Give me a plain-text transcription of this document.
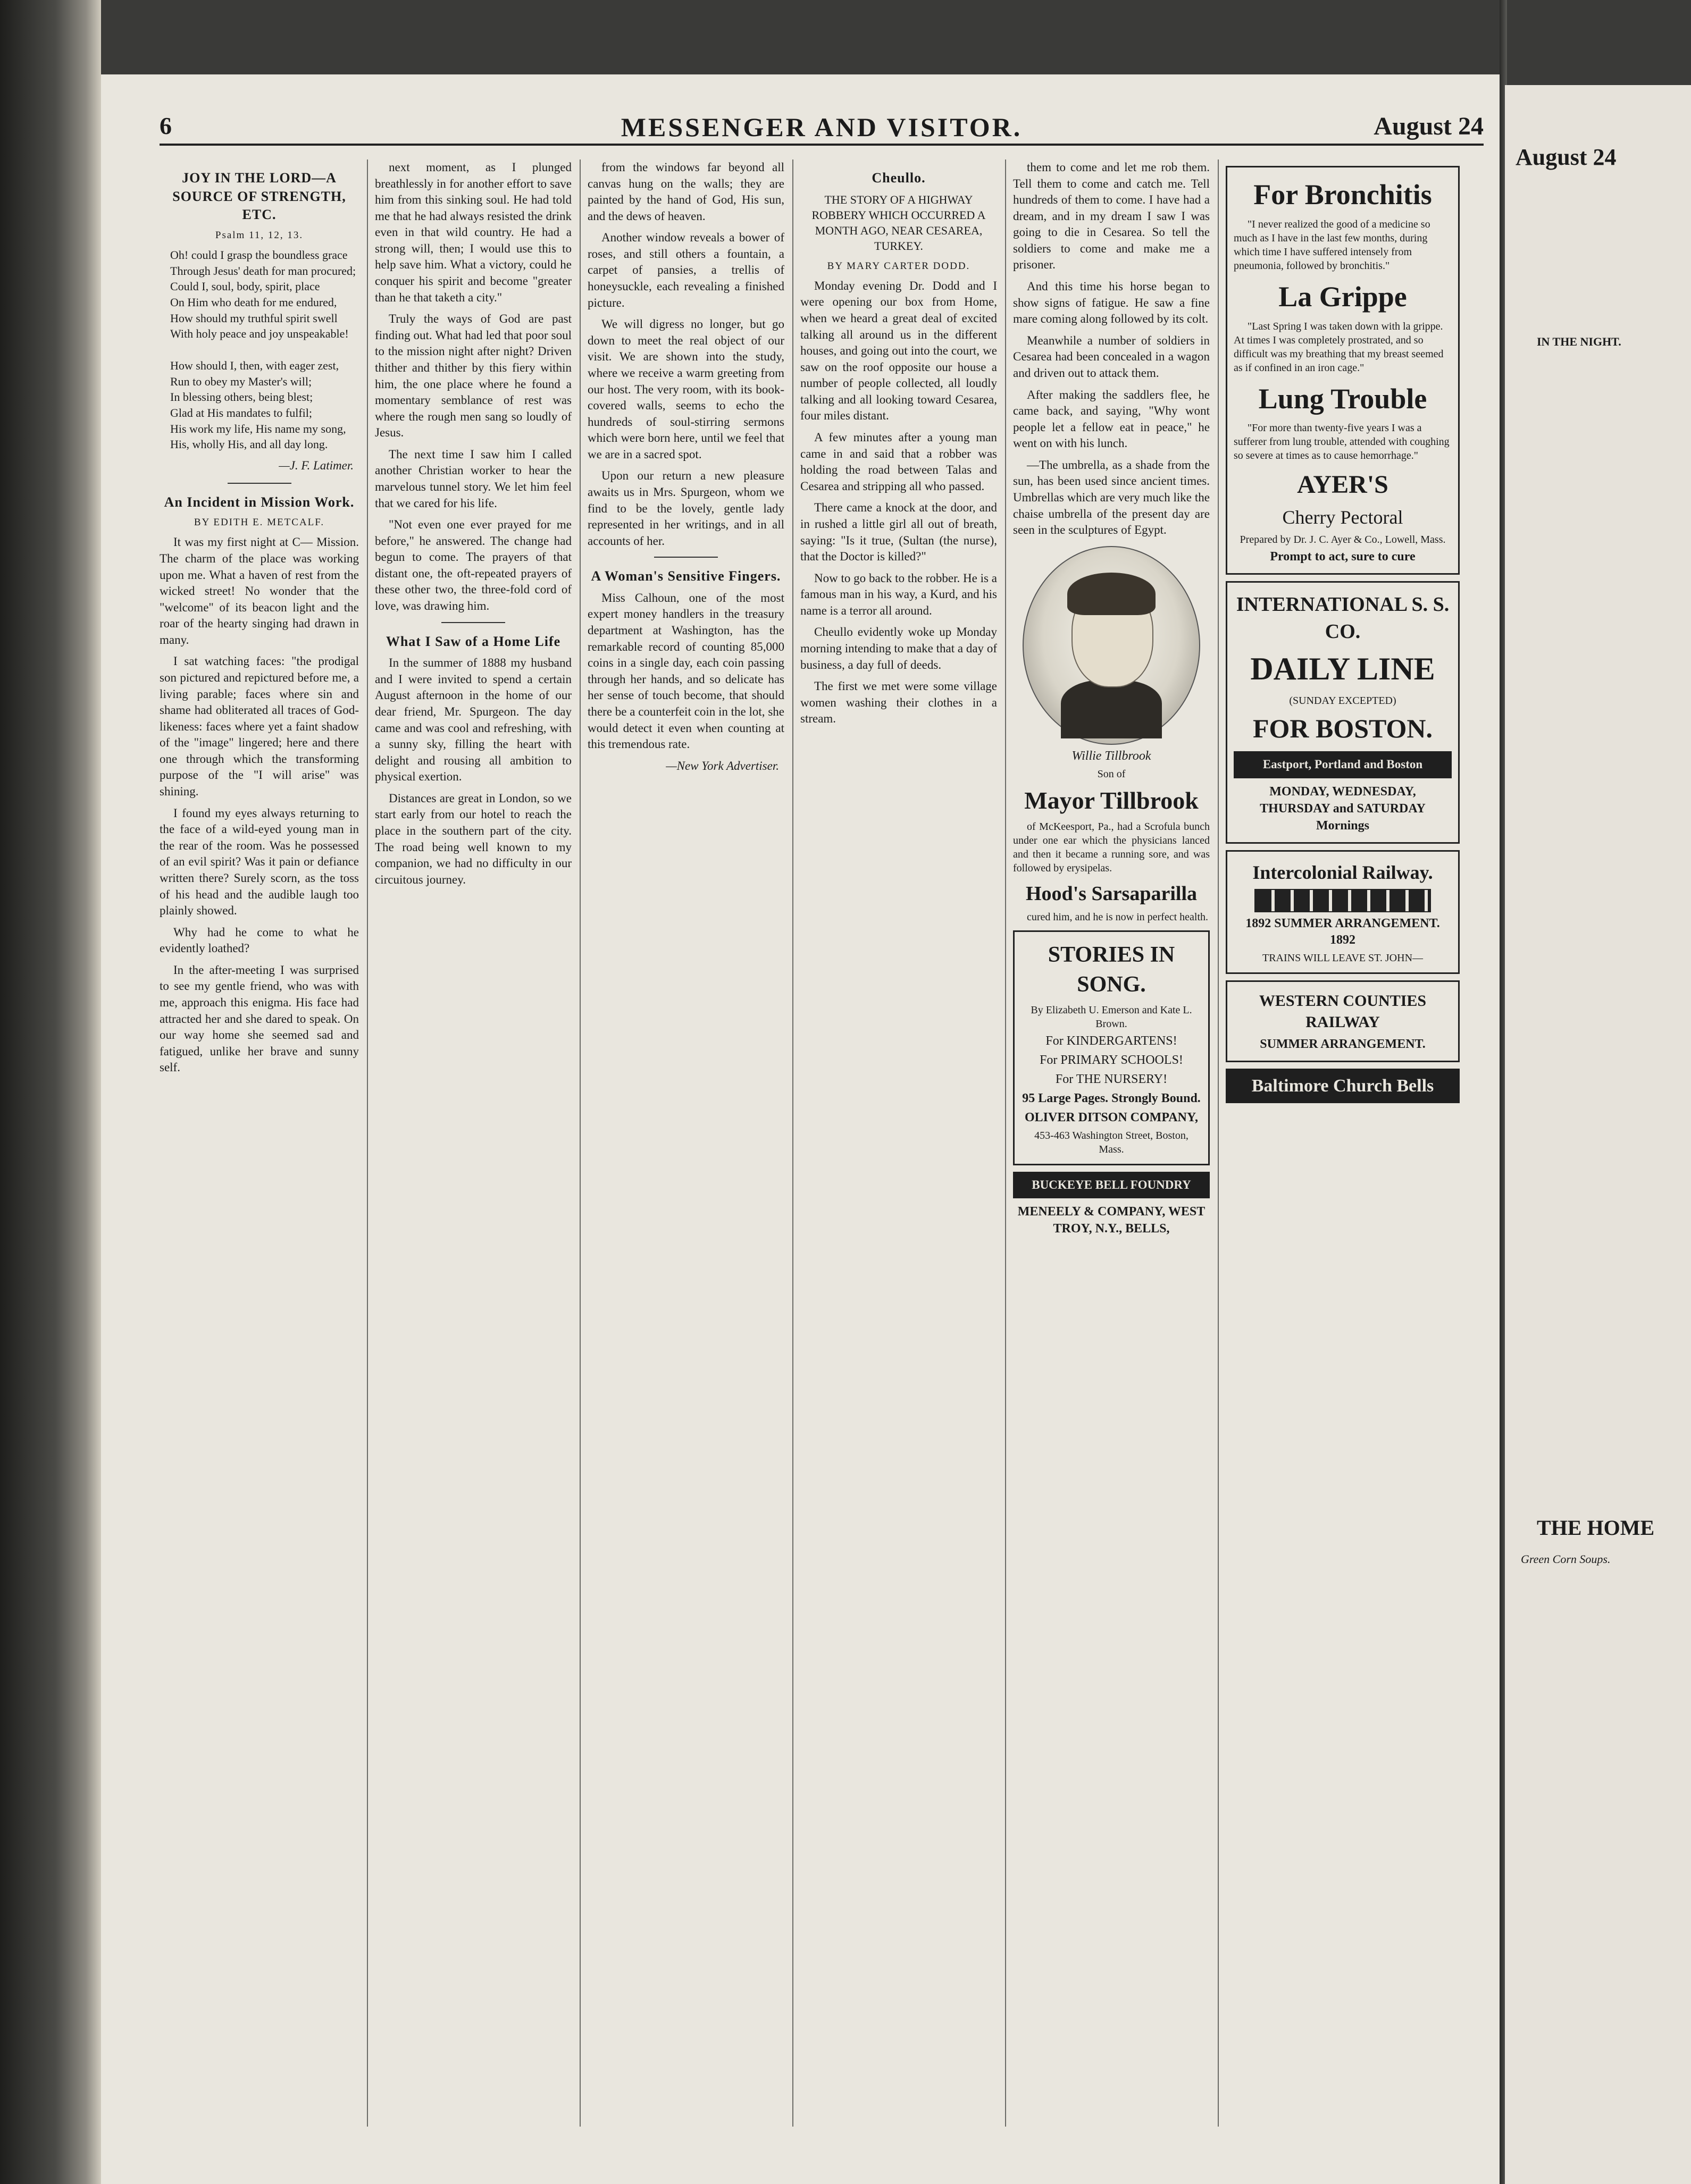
6	MESSENGER AND VISITOR.	August 24
JOY IN THE LORD—A SOURCE OF STRENGTH, ETC.
Psalm 11, 12, 13.
Oh! could I grasp the boundless grace
Through Jesus' death for man procured;
Could I, soul, body, spirit, place
On Him who death for me endured,
How should my truthful spirit swell
With holy peace and joy unspeakable!

How should I, then, with eager zest,
Run to obey my Master's will;
In blessing others, being blest;
Glad at His mandates to fulfil;
His work my life, His name my song,
His, wholly His, and all day long.
—J. F. Latimer.
An Incident in Mission Work.
BY EDITH E. METCALF.

It was my first night at C— Mission. The charm of the place was working upon me. What a haven of rest from the wicked street! No wonder that the "welcome" of its beacon light and the roar of the hearty singing had drawn in many.

I sat watching faces: "the prodigal son pictured and repictured before me, a living parable; faces where sin and shame had obliterated all traces of God-likeness: faces where yet a faint shadow of the "image" lingered; here and there one through which the transforming purpose of the "I will arise" was shining.

I found my eyes always returning to the face of a wild-eyed young man in the rear of the room. Was he possessed of an evil spirit? Was it pain or defiance written there? Surely scorn, as the toss of his head and the audible laugh too plainly showed.

Why had he come to what he evidently loathed?

In the after-meeting I was surprised to see my gentle friend, who was with me, approach this enigma. His face had attracted her and she dared to speak. On our way home she seemed sad and fatigued, unlike her brave and sunny self.

next moment, as I plunged breathlessly in for another effort to save him from this sinking soul. He had told me that he had always resisted the drink even in that wild country. He had a strong will, then; I would use this to help save him. What a victory, could he conquer his spirit and become "greater than he that taketh a city."

Truly the ways of God are past finding out. What had led that poor soul to the mission night after night? Driven thither and thither by this fiery within him, the one place where he found a momentary semblance of rest was where the rough men sang so loudly of Jesus.

The next time I saw him I called another Christian worker to hear the marvelous tunnel story. We let him feel that we cared for his life.

"Not even one ever prayed for me before," he answered. The change had begun to come. The prayers of that distant one, the oft-repeated prayers of these other two, the three-fold cord of love, was drawing him.

What I Saw of a Home Life

In the summer of 1888 my husband and I were invited to spend a certain August afternoon in the home of our dear friend, Mr. Spurgeon. The day came and was cool and refreshing, with a sunny sky, filling the heart with delight and rousing all ambition to physical exertion.

Distances are great in London, so we start early from our hotel to reach the place in the southern part of the city. The road being well known to my companion, we had no difficulty in our circuitous journey.

from the windows far beyond all canvas hung on the walls; they are painted by the hand of God, His sun, and the dews of heaven.

Another window reveals a bower of roses, and still others a fountain, a carpet of pansies, a trellis of honeysuckle, each revealing a finished picture.

We will digress no longer, but go down to meet the real object of our visit. We are shown into the study, where we receive a warm greeting from our host. The very room, with its book-covered walls, seems to echo the hundreds of soul-stirring sermons which were born here, until we feel that we are in a sacred spot.

Upon our return a new pleasure awaits us in Mrs. Spurgeon, whom we find to be the lovely, gentle lady represented in her writings, and in all accounts of her.

A Woman's Sensitive Fingers.

Miss Calhoun, one of the most expert money handlers in the treasury department at Washington, has the remarkable record of counting 85,000 coins in a single day, each coin passing through her hands, and so delicate has her sense of touch become, that should there be a counterfeit coin in the lot, she would detect it even when counting at this tremendous rate.

—New York Advertiser.
Cheullo.
THE STORY OF A HIGHWAY ROBBERY WHICH OCCURRED A MONTH AGO, NEAR CESAREA, TURKEY.
BY MARY CARTER DODD.

Monday evening Dr. Dodd and I were opening our box from Home, when we heard a great deal of excited talking all around us in the different houses, and going out into the court, we saw on the roof opposite our house a number of people collected, all loudly talking and all looking toward Cesarea, four miles distant.

A few minutes after a young man came in and said that a robber was holding the road between Talas and Cesarea and stripping all who passed.

There came a knock at the door, and in rushed a little girl all out of breath, saying: "Is it true, (Sultan (the nurse), that the Doctor is killed?"

Now to go back to the robber. He is a famous man in his way, a Kurd, and his name is a terror all around.

Cheullo evidently woke up Monday morning intending to make that a day of business, a day full of deeds.

The first we met were some village women washing their clothes in a stream.

them to come and let me rob them. Tell them to come and catch me. Tell hundreds of them to come. I have had a dream, and in my dream I saw I was going to die in Cesarea. So tell the soldiers to come and make me a prisoner.

And this time his horse began to show signs of fatigue. He saw a fine mare coming along followed by its colt.

Meanwhile a number of soldiers in Cesarea had been concealed in a wagon and driven out to attack them.

After making the saddlers flee, he came back, and saying, "Why wont people let a fellow eat in peace," he went on with his lunch.

—The umbrella, as a shade from the sun, has been used since ancient times. Umbrellas which are very much like the chaise umbrella of the present day are seen in the sculptures of Egypt.

Willie Tillbrook
Son of
Mayor Tillbrook

of McKeesport, Pa., had a Scrofula bunch under one ear which the physicians lanced and then it became a running sore, and was followed by erysipelas.

Hood's Sarsaparilla

cured him, and he is now in perfect health.

STORIES IN SONG.
By Elizabeth U. Emerson and Kate L. Brown.
For KINDERGARTENS!
For PRIMARY SCHOOLS!
For THE NURSERY!
95 Large Pages. Strongly Bound.
OLIVER DITSON COMPANY,
453-463 Washington Street, Boston, Mass.
BUCKEYE BELL FOUNDRY
MENEELY & COMPANY, WEST TROY, N.Y., BELLS,
For Bronchitis

"I never realized the good of a medicine so much as I have in the last few months, during which time I have suffered intensely from pneumonia, followed by bronchitis."

La Grippe

"Last Spring I was taken down with la grippe. At times I was completely prostrated, and so difficult was my breathing that my breast seemed as if confined in an iron cage."

Lung Trouble

"For more than twenty-five years I was a sufferer from lung trouble, attended with coughing so severe at times as to cause hemorrhage."

AYER'S
Cherry Pectoral
Prepared by Dr. J. C. Ayer & Co., Lowell, Mass.
Prompt to act, sure to cure
INTERNATIONAL S. S. CO.
DAILY LINE
(SUNDAY EXCEPTED)
FOR BOSTON.
Eastport, Portland and Boston
MONDAY, WEDNESDAY, THURSDAY and SATURDAY Mornings
Intercolonial Railway.
1892 SUMMER ARRANGEMENT. 1892
TRAINS WILL LEAVE ST. JOHN—
WESTERN COUNTIES RAILWAY
SUMMER ARRANGEMENT.
Baltimore Church Bells
August 24
IN THE NIGHT.
THE HOME
Green Corn Soups.
